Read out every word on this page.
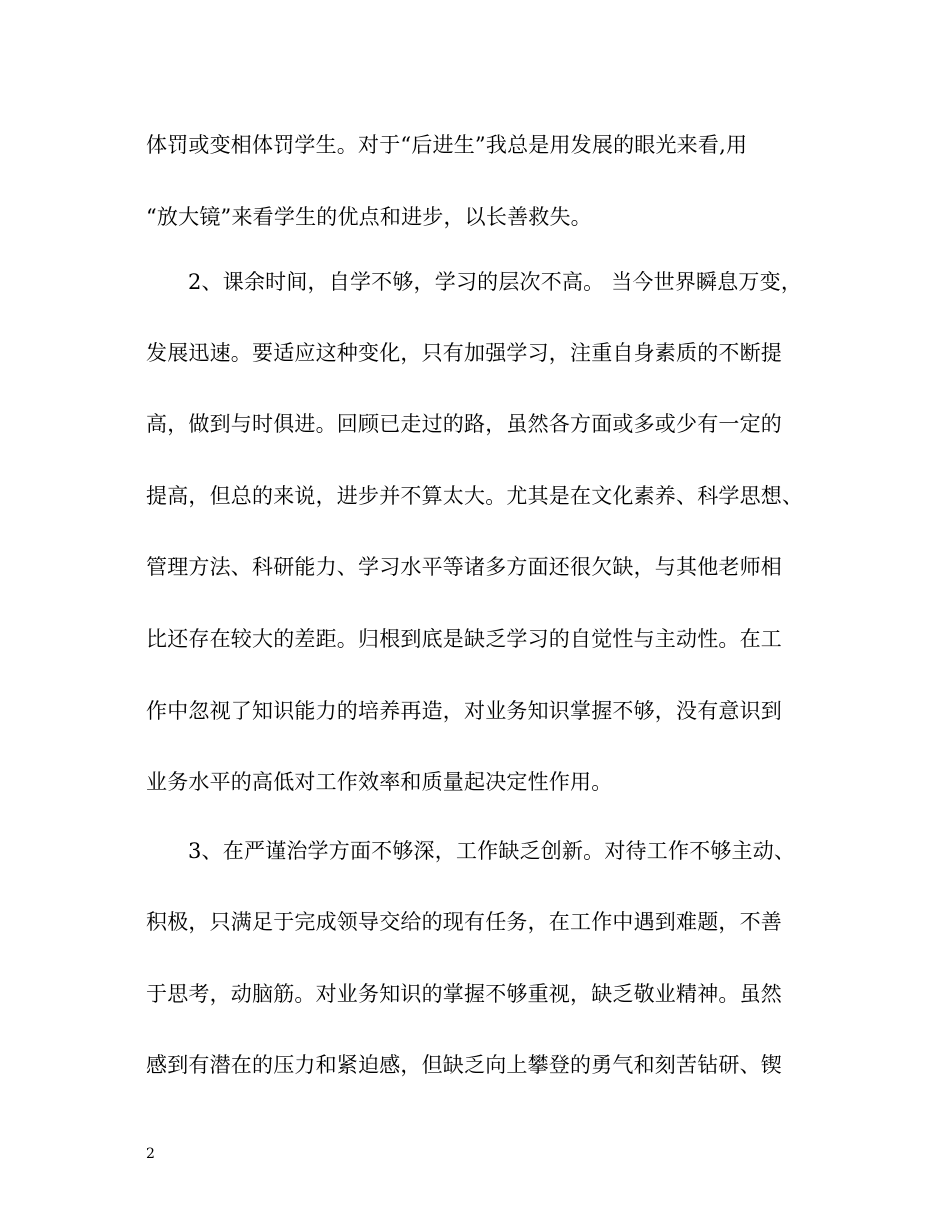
体罚或变相体罚学生。对于“后进生”我总是用发展的眼光来看,用
“放大镜”来看学生的优点和进步，以长善救失。
2、课余时间，自学不够，学习的层次不高。 当今世界瞬息万变，
发展迅速。要适应这种变化，只有加强学习，注重自身素质的不断提
高，做到与时俱进。回顾已走过的路，虽然各方面或多或少有一定的
提高，但总的来说，进步并不算太大。尤其是在文化素养、科学思想、
管理方法、科研能力、学习水平等诸多方面还很欠缺，与其他老师相
比还存在较大的差距。归根到底是缺乏学习的自觉性与主动性。在工
作中忽视了知识能力的培养再造，对业务知识掌握不够，没有意识到
业务水平的高低对工作效率和质量起决定性作用。
3、在严谨治学方面不够深，工作缺乏创新。对待工作不够主动、
积极，只满足于完成领导交给的现有任务，在工作中遇到难题，不善
于思考，动脑筋。对业务知识的掌握不够重视，缺乏敬业精神。虽然
感到有潜在的压力和紧迫感，但缺乏向上攀登的勇气和刻苦钻研、锲
2
